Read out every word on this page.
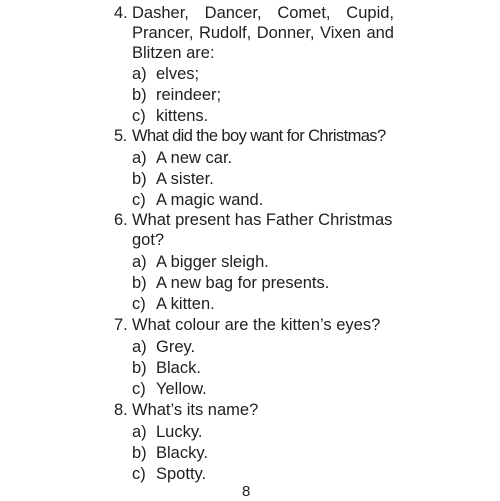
4. Dasher, Dancer, Comet, Cupid, Prancer, Rudolf, Donner, Vixen and Blitzen are:
a) elves;
b) reindeer;
c) kittens.
5. What did the boy want for Christmas?
a) A new car.
b) A sister.
c) A magic wand.
6. What present has Father Christmas got?
a) A bigger sleigh.
b) A new bag for presents.
c) A kitten.
7. What colour are the kitten’s eyes?
a) Grey.
b) Black.
c) Yellow.
8. What’s its name?
a) Lucky.
b) Blacky.
c) Spotty.
8
